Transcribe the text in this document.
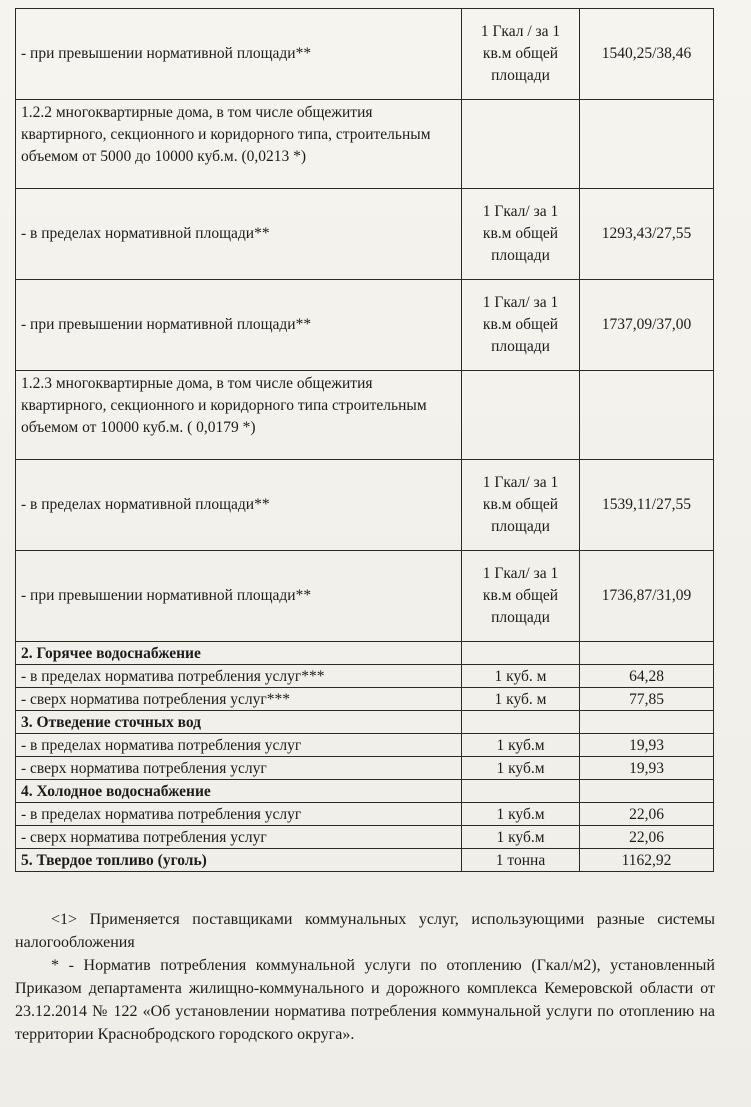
- при превышении нормативной площади**	1 Гкал / за 1 кв.м общей площади	1540,25/38,46
1.2.2 многоквартирные дома, в том числе общежития квартирного, секционного и коридорного типа, строительным объемом от 5000 до 10000 куб.м. (0,0213 *)		
- в пределах нормативной площади**	1 Гкал/ за 1 кв.м общей площади	1293,43/27,55
- при превышении нормативной площади**	1 Гкал/ за 1 кв.м общей площади	1737,09/37,00
1.2.3 многоквартирные дома, в том числе общежития квартирного, секционного и коридорного типа строительным объемом от 10000 куб.м. ( 0,0179 *)		
- в пределах нормативной площади**	1 Гкал/ за 1 кв.м общей площади	1539,11/27,55
- при превышении нормативной площади**	1 Гкал/ за 1 кв.м общей площади	1736,87/31,09
2. Горячее водоснабжение		
- в пределах норматива потребления услуг***	1 куб. м	64,28
- сверх норматива потребления услуг***	1 куб. м	77,85
3. Отведение сточных вод		
- в пределах норматива потребления услуг	1 куб.м	19,93
- сверх норматива потребления услуг	1 куб.м	19,93
4. Холодное водоснабжение		
- в пределах норматива потребления услуг	1 куб.м	22,06
- сверх норматива потребления услуг	1 куб.м	22,06
5. Твердое топливо (уголь)	1 тонна	1162,92

<1> Применяется поставщиками коммунальных услуг, использующими разные системы налогообложения

* - Норматив потребления коммунальной услуги по отоплению (Гкал/м2), установленный Приказом департамента жилищно-коммунального и дорожного комплекса Кемеровской области от 23.12.2014 № 122 «Об установлении норматива потребления коммунальной услуги по отоплению на территории Краснобродского городского округа».
